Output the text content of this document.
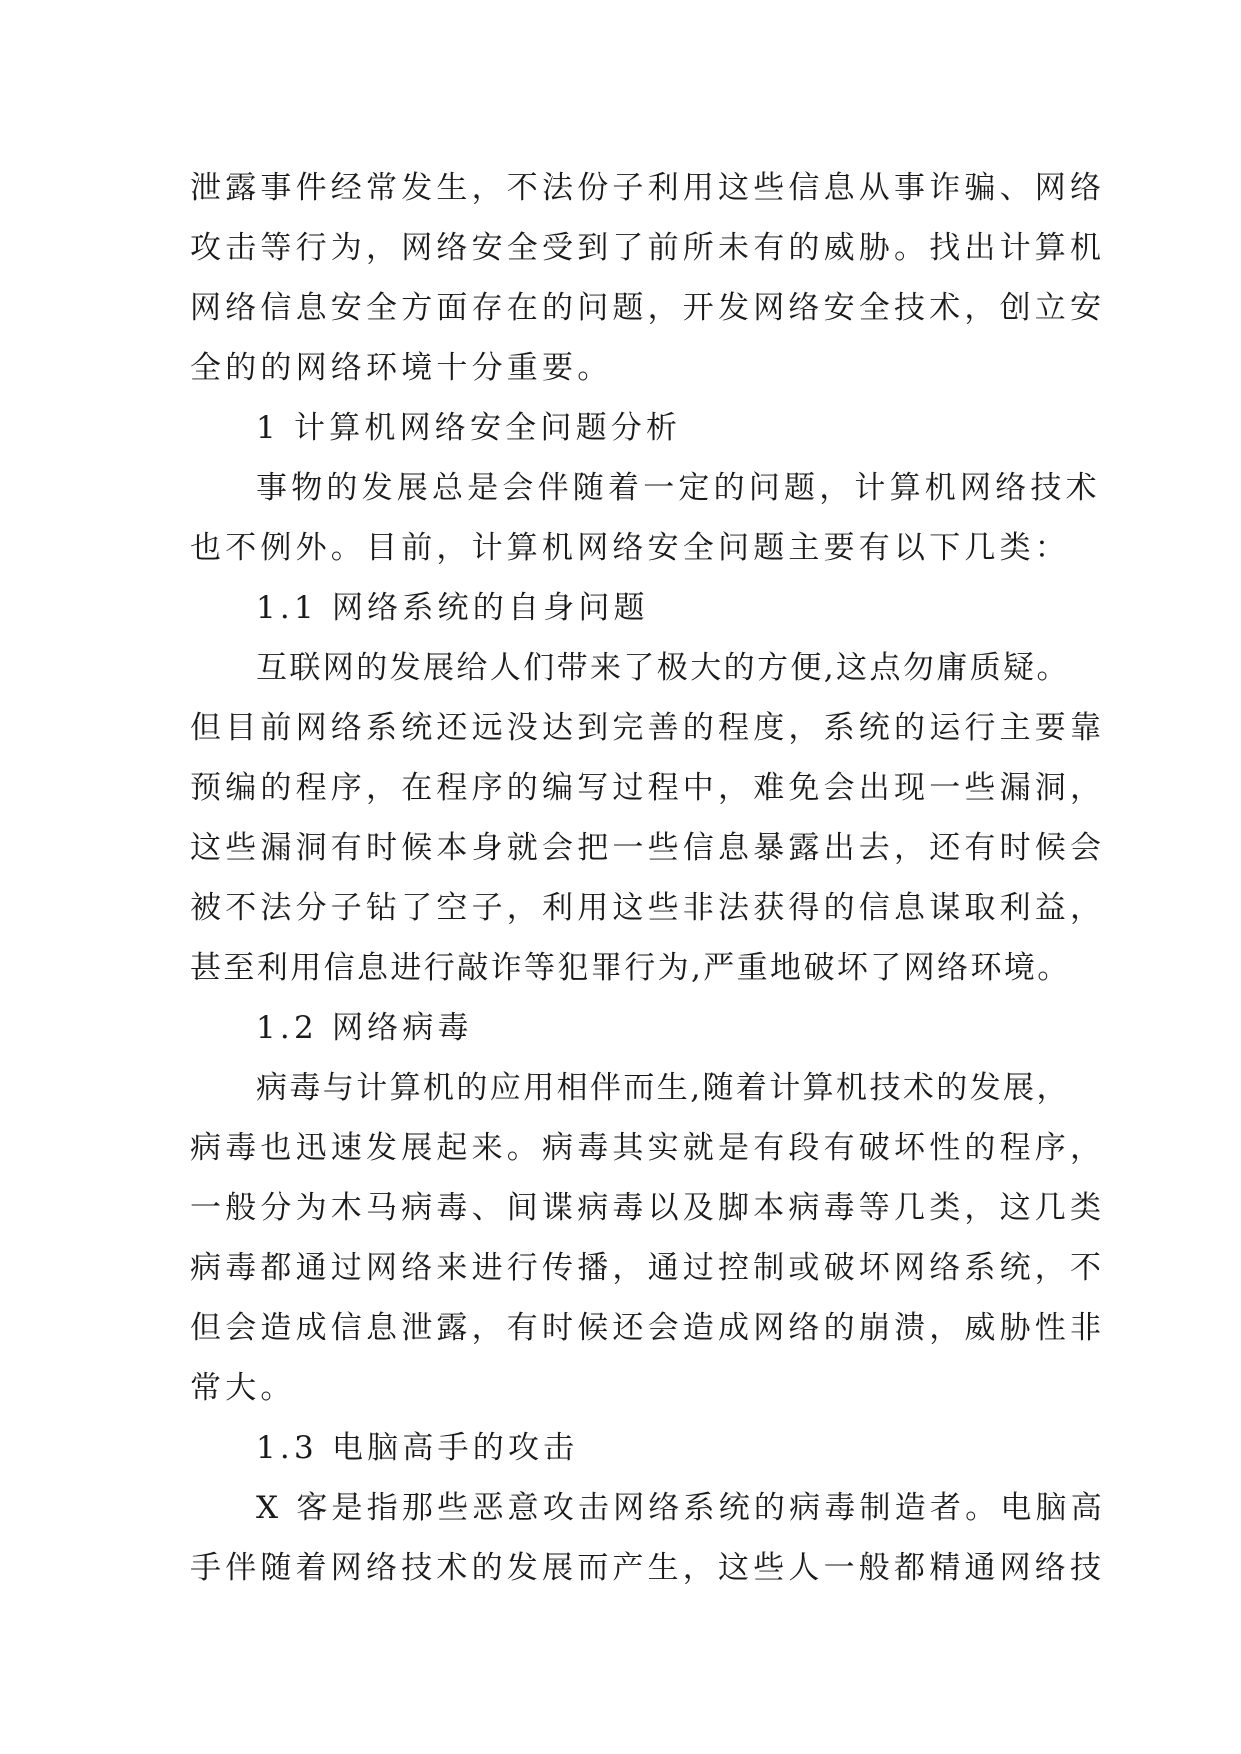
泄露事件经常发生，不法份子利用这些信息从事诈骗、网络
攻击等行为，网络安全受到了前所未有的威胁。找出计算机
网络信息安全方面存在的问题，开发网络安全技术，创立安
全的的网络环境十分重要。
1 计算机网络安全问题分析
事物的发展总是会伴随着一定的问题，计算机网络技术
也不例外。目前，计算机网络安全问题主要有以下几类：
1.1 网络系统的自身问题
互联网的发展给人们带来了极大的方便,这点勿庸质疑。
但目前网络系统还远没达到完善的程度，系统的运行主要靠
预编的程序，在程序的编写过程中，难免会出现一些漏洞，
这些漏洞有时候本身就会把一些信息暴露出去，还有时候会
被不法分子钻了空子，利用这些非法获得的信息谋取利益，
甚至利用信息进行敲诈等犯罪行为,严重地破坏了网络环境。
1.2 网络病毒
病毒与计算机的应用相伴而生,随着计算机技术的发展，
病毒也迅速发展起来。病毒其实就是有段有破坏性的程序，
一般分为木马病毒、间谍病毒以及脚本病毒等几类，这几类
病毒都通过网络来进行传播，通过控制或破坏网络系统，不
但会造成信息泄露，有时候还会造成网络的崩溃，威胁性非
常大。
1.3 电脑高手的攻击
X 客是指那些恶意攻击网络系统的病毒制造者。电脑高
手伴随着网络技术的发展而产生，这些人一般都精通网络技
